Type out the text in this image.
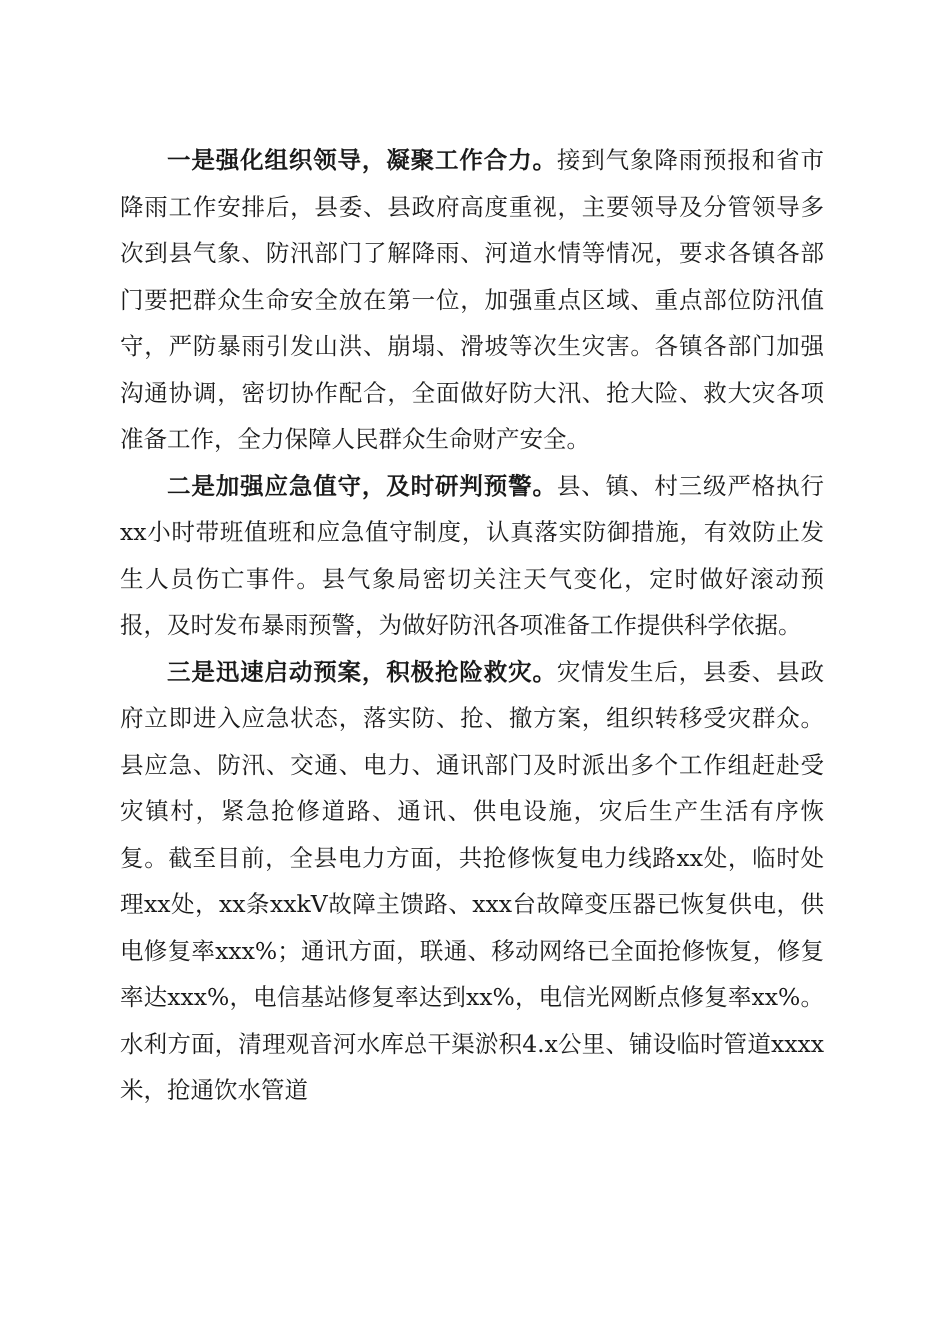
一是强化组织领导，凝聚工作合力。接到气象降雨预报和省市降雨工作安排后，县委、县政府高度重视，主要领导及分管领导多次到县气象、防汛部门了解降雨、河道水情等情况，要求各镇各部门要把群众生命安全放在第一位，加强重点区域、重点部位防汛值守，严防暴雨引发山洪、崩塌、滑坡等次生灾害。各镇各部门加强沟通协调，密切协作配合，全面做好防大汛、抢大险、救大灾各项准备工作，全力保障人民群众生命财产安全。

二是加强应急值守，及时研判预警。县、镇、村三级严格执行xx小时带班值班和应急值守制度，认真落实防御措施，有效防止发生人员伤亡事件。县气象局密切关注天气变化，定时做好滚动预报，及时发布暴雨预警，为做好防汛各项准备工作提供科学依据。

三是迅速启动预案，积极抢险救灾。灾情发生后，县委、县政府立即进入应急状态，落实防、抢、撤方案，组织转移受灾群众。县应急、防汛、交通、电力、通讯部门及时派出多个工作组赶赴受灾镇村，紧急抢修道路、通讯、供电设施，灾后生产生活有序恢复。截至目前，全县电力方面，共抢修恢复电力线路xx处，临时处理xx处，xx条xxkV故障主馈路、xxx台故障变压器已恢复供电，供电修复率xxx%；通讯方面，联通、移动网络已全面抢修恢复，修复率达xxx%，电信基站修复率达到xx%，电信光网断点修复率xx%。水利方面，清理观音河水库总干渠淤积4.x公里、铺设临时管道xxxx米，抢通饮水管道
